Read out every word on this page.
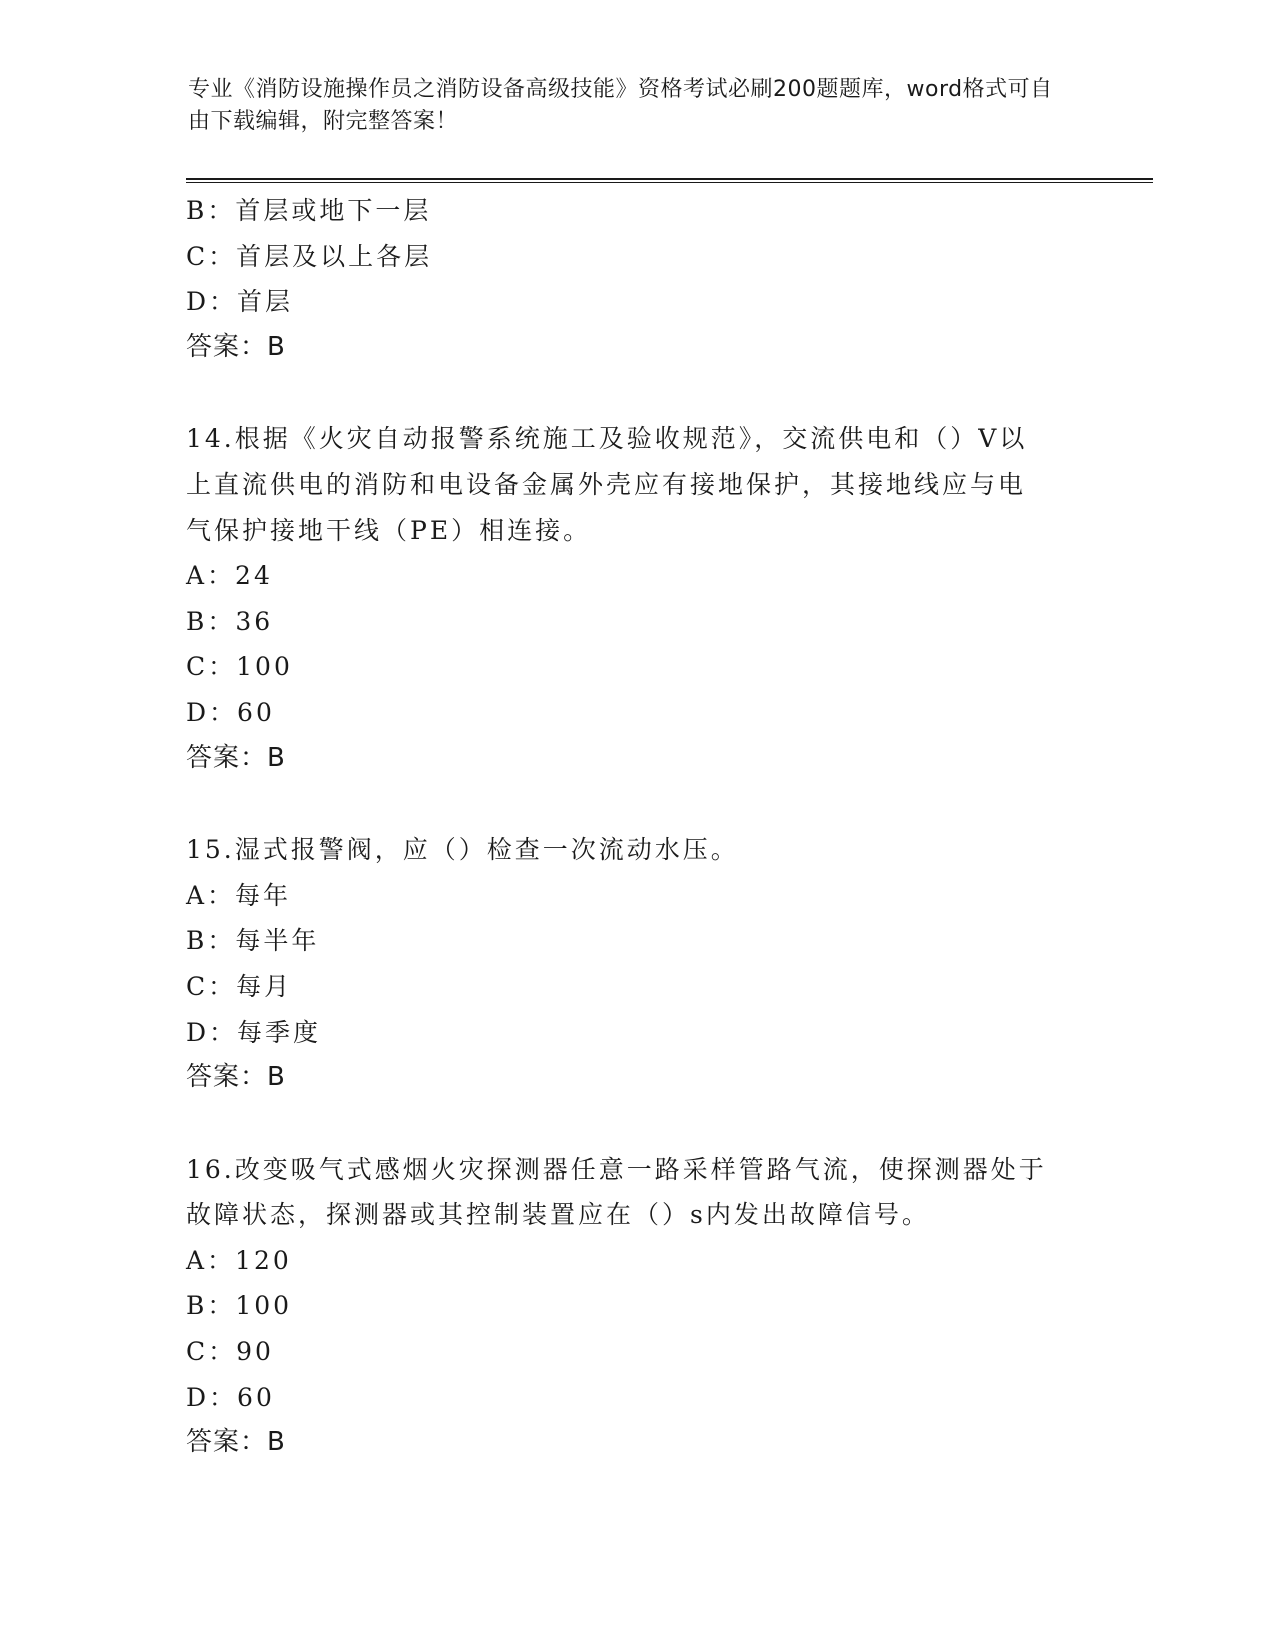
专业《消防设施操作员之消防设备高级技能》资格考试必刷200题题库，word格式可自由下载编辑，附完整答案！
B：首层或地下一层
C：首层及以上各层
D：首层
答案：B
14.根据《火灾自动报警系统施工及验收规范》，交流供电和（）V以
上直流供电的消防和电设备金属外壳应有接地保护，其接地线应与电
气保护接地干线（PE）相连接。
A：24
B：36
C：100
D：60
答案：B
15.湿式报警阀，应（）检查一次流动水压。
A：每年
B：每半年
C：每月
D：每季度
答案：B
16.改变吸气式感烟火灾探测器任意一路采样管路气流，使探测器处于
故障状态，探测器或其控制装置应在（）s内发出故障信号。
A：120
B：100
C：90
D：60
答案：B
